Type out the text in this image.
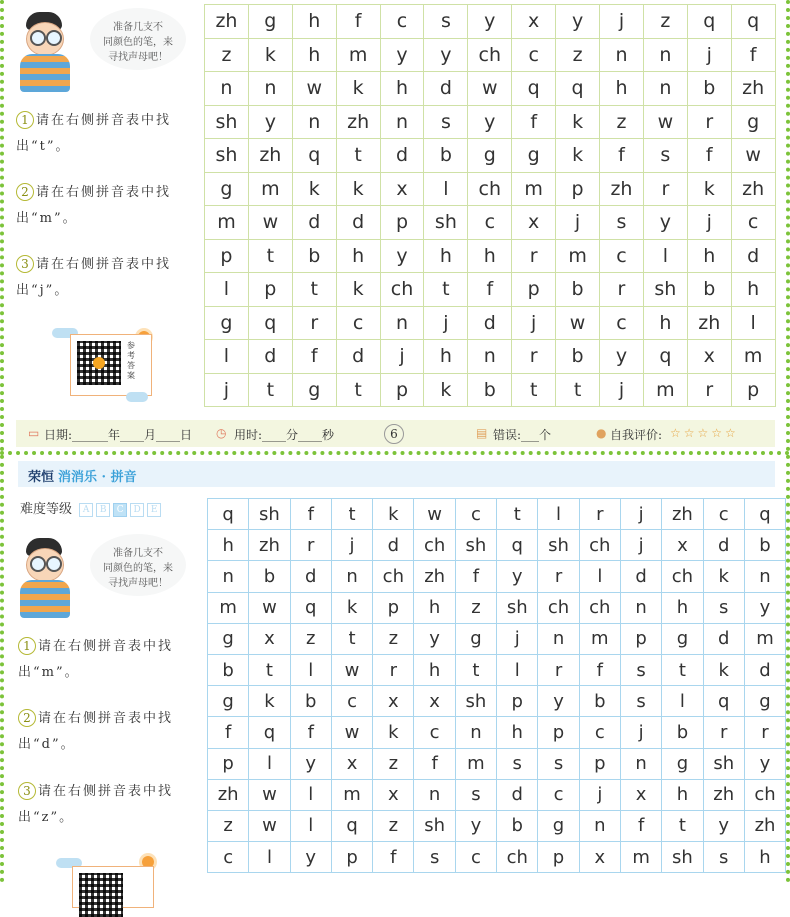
准备几支不
同颜色的笔，来
寻找声母吧！
1 请在右侧拼音表中找出“t”。
2 请在右侧拼音表中找出“m”。
3 请在右侧拼音表中找出“j”。
参考答案
zh	g	h	f	c	s	y	x	y	j	z	q	q
z	k	h	m	y	y	ch	c	z	n	n	j	f
n	n	w	k	h	d	w	q	q	h	n	b	zh
sh	y	n	zh	n	s	y	f	k	z	w	r	g
sh	zh	q	t	d	b	g	g	k	f	s	f	w
g	m	k	k	x	l	ch	m	p	zh	r	k	zh
m	w	d	d	p	sh	c	x	j	s	y	j	c
p	t	b	h	y	h	h	r	m	c	l	h	d
l	p	t	k	ch	t	f	p	b	r	sh	b	h
g	q	r	c	n	j	d	j	w	c	h	zh	l
l	d	f	d	j	h	n	r	b	y	q	x	m
j	t	g	t	p	k	b	t	t	j	m	r	p
▭ 日期:______年____月____日 ◷ 用时:____分____秒	6	▤ 错误:___个	● 自我评价: ☆☆☆☆☆
荣恒 消消乐 · 拼音
难度等级 A B C D E
准备几支不
同颜色的笔，来
寻找声母吧！
1 请在右侧拼音表中找出“m”。
2 请在右侧拼音表中找出“d”。
3 请在右侧拼音表中找出“z”。
q	sh	f	t	k	w	c	t	l	r	j	zh	c	q
h	zh	r	j	d	ch	sh	q	sh	ch	j	x	d	b
n	b	d	n	ch	zh	f	y	r	l	d	ch	k	n
m	w	q	k	p	h	z	sh	ch	ch	n	h	s	y
g	x	z	t	z	y	g	j	n	m	p	g	d	m
b	t	l	w	r	h	t	l	r	f	s	t	k	d
g	k	b	c	x	x	sh	p	y	b	s	l	q	g
f	q	f	w	k	c	n	h	p	c	j	b	r	r
p	l	y	x	z	f	m	s	s	p	n	g	sh	y
zh	w	l	m	x	n	s	d	c	j	x	h	zh	ch
z	w	l	q	z	sh	y	b	g	n	f	t	y	zh
c	l	y	p	f	s	c	ch	p	x	m	sh	s	h
